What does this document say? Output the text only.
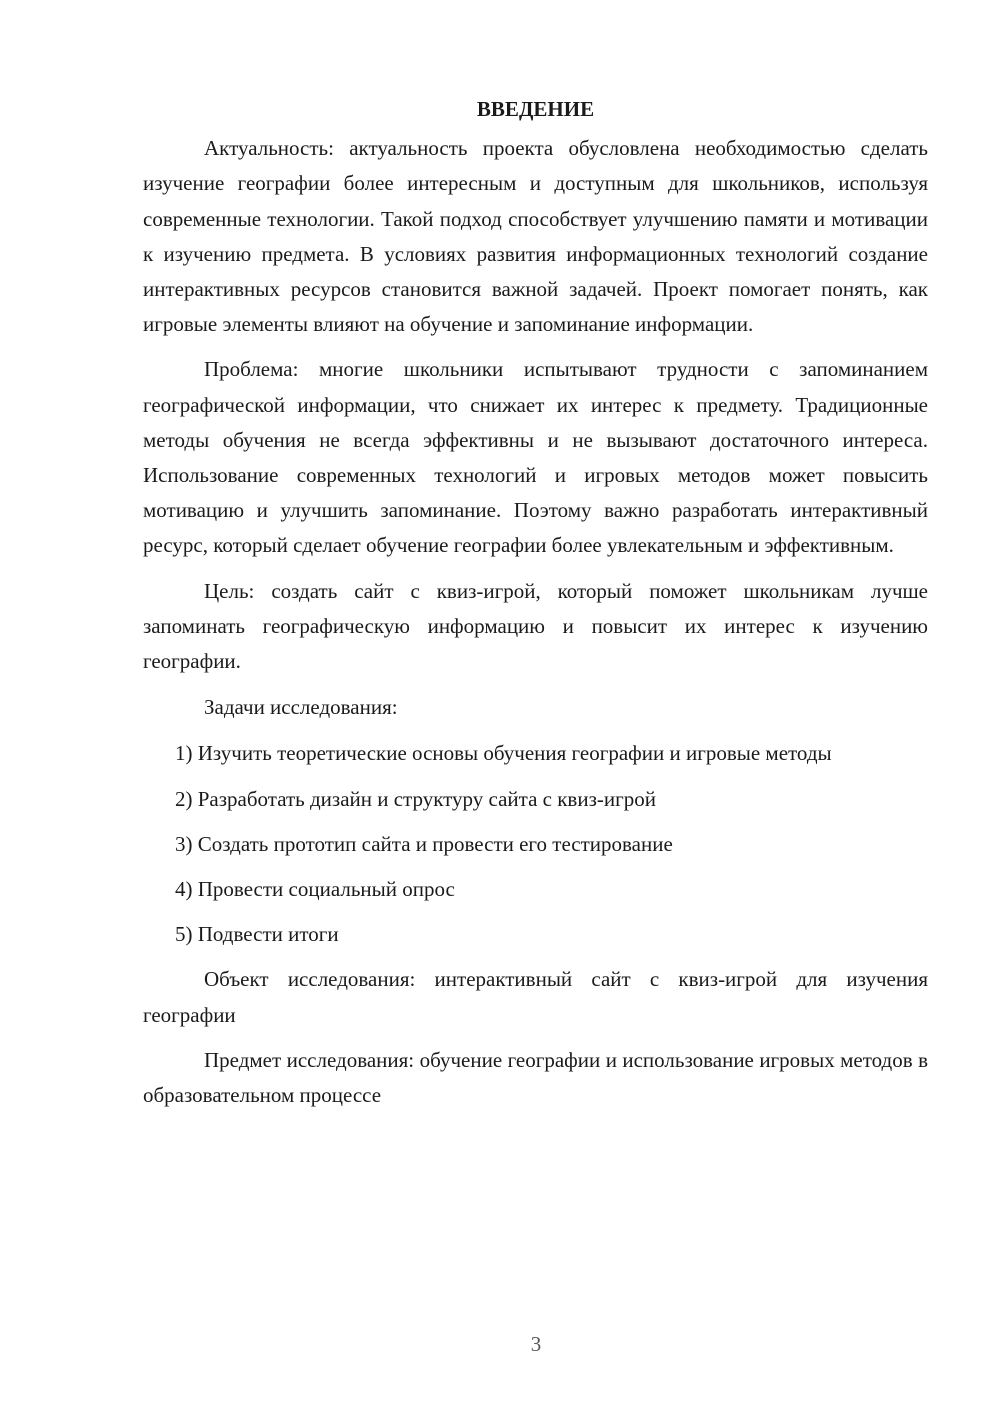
ВВЕДЕНИЕ

Актуальность: актуальность проекта обусловлена необходимостью сделать изучение географии более интересным и доступным для школьников, используя современные технологии. Такой подход способствует улучшению памяти и мотивации к изучению предмета. В условиях развития информационных технологий создание интерактивных ресурсов становится важной задачей. Проект помогает понять, как игровые элементы влияют на обучение и запоминание информации.

Проблема: многие школьники испытывают трудности с запоминанием географической информации, что снижает их интерес к предмету. Традиционные методы обучения не всегда эффективны и не вызывают достаточного интереса. Использование современных технологий и игровых методов может повысить мотивацию и улучшить запоминание. Поэтому важно разработать интерактивный ресурс, который сделает обучение географии более увлекательным и эффективным.

Цель: создать сайт с квиз-игрой, который поможет школьникам лучше запоминать географическую информацию и повысит их интерес к изучению географии.

Задачи исследования:

1) Изучить теоретические основы обучения географии и игровые методы

2) Разработать дизайн и структуру сайта с квиз-игрой

3) Создать прототип сайта и провести его тестирование

4) Провести социальный опрос

5) Подвести итоги

Объект исследования: интерактивный сайт с квиз-игрой для изучения географии

Предмет исследования: обучение географии и использование игровых методов в образовательном процессе

3
